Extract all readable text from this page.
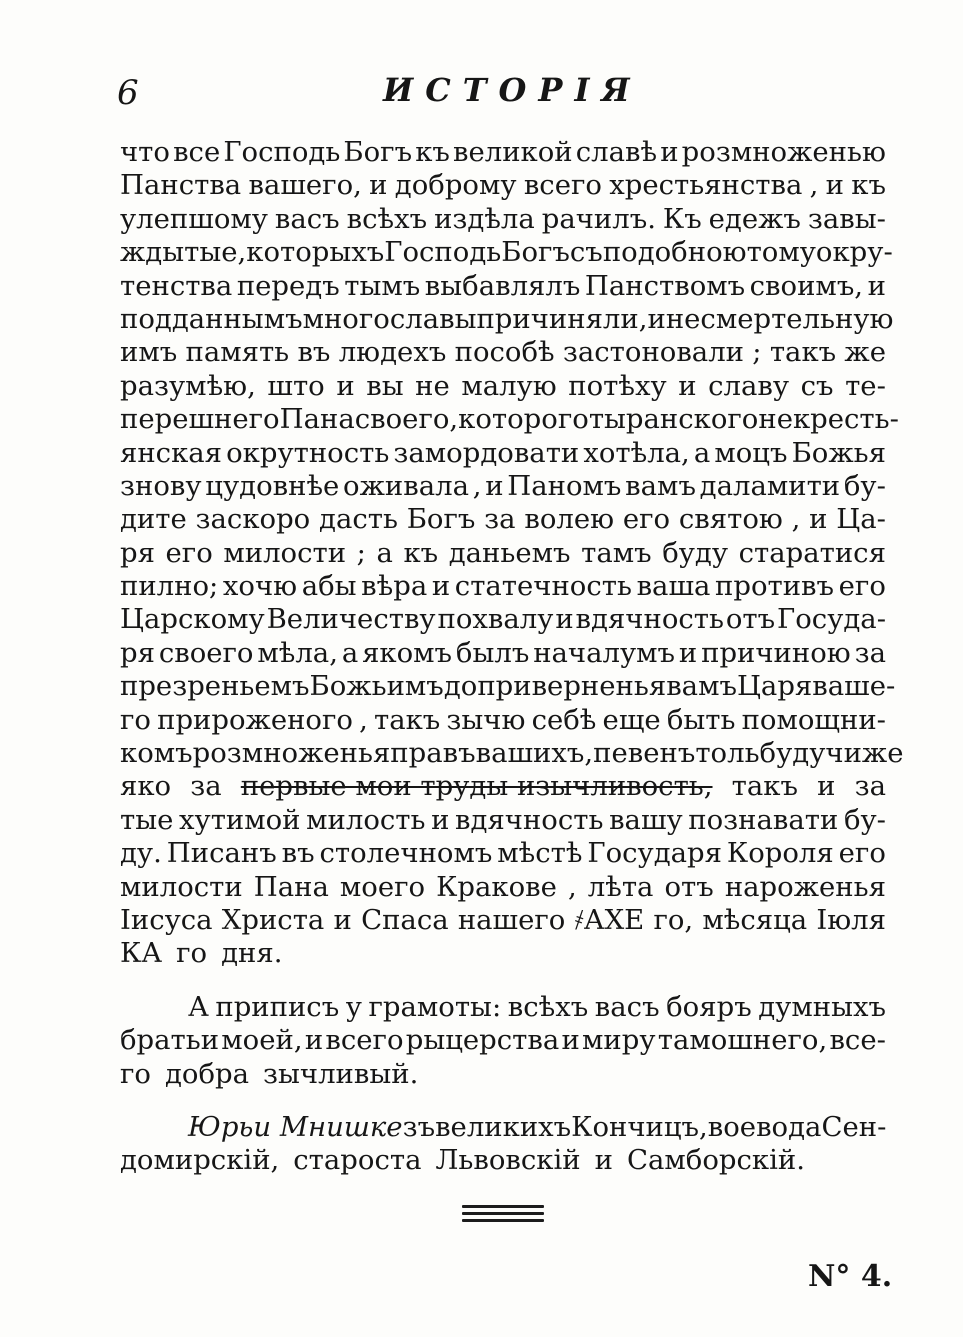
6	ИСТОРІЯ
что все Господь Богъ къ великой славѣ и розмноженью
Панства вашего, и доброму всего хрестьянства , и къ
улепшому васъ всѣхъ издѣла рачилъ. Къ едежъ завы-
жды тые, которыхъ Господь Богъ съ подобною тому окру-
тенства передъ тымъ выбавлялъ Панствомъ своимъ, и
подданнымъ много славы причиняли , и несмертельную
имъ память въ людехъ пособѣ застоновали ; такъ же
разумѣю, што и вы не малую потѣху и славу съ те-
перешнего Пана своего , которого тыранского некресть-
янская окрутность замордовати хотѣла, а моцъ Божья
знову цудовнѣе оживала , и Паномъ вамъ даламити бу-
дите заскоро дасть Богъ за волею его святою , и Ца-
ря его милости ; а къ даньемъ тамъ буду старатися
пилно; хочю абы вѣра и статечность ваша противъ его
Царскому Величеству похвалу и вдячность отъ Госуда-
ря своего мѣла, а якомъ былъ началумъ и причиною за
презреньемъ Божьимъ до приверненья вамъ Царя ваше-
го прироженого , такъ зычю себѣ еще быть помощни-
комъ розмноженья правъ вашихъ, певенъ толь будучи же
яко за первые мои труды изычливость, такъ и за
тые хутимой милость и вдячность вашу познавати бу-
ду. Писанъ въ столечномъ мѣстѣ Государя Короля его
милости Пана моего Кракове , лѣта отъ нароженья
Іисуса Христа и Спаса нашего ҂АХЕ го, мѣсяца Іюля
КА го дня.
А приписъ у грамоты: всѣхъ васъ бояръ думныхъ
братьи моей, и всего рыцерства и миру тамошнего, все-
го добра зычливый.
Юрьи Мнишке зъ великихъ Кончицъ, воевода Сен-
домирскій, староста Львовскій и Самборскій.
N° 4.
